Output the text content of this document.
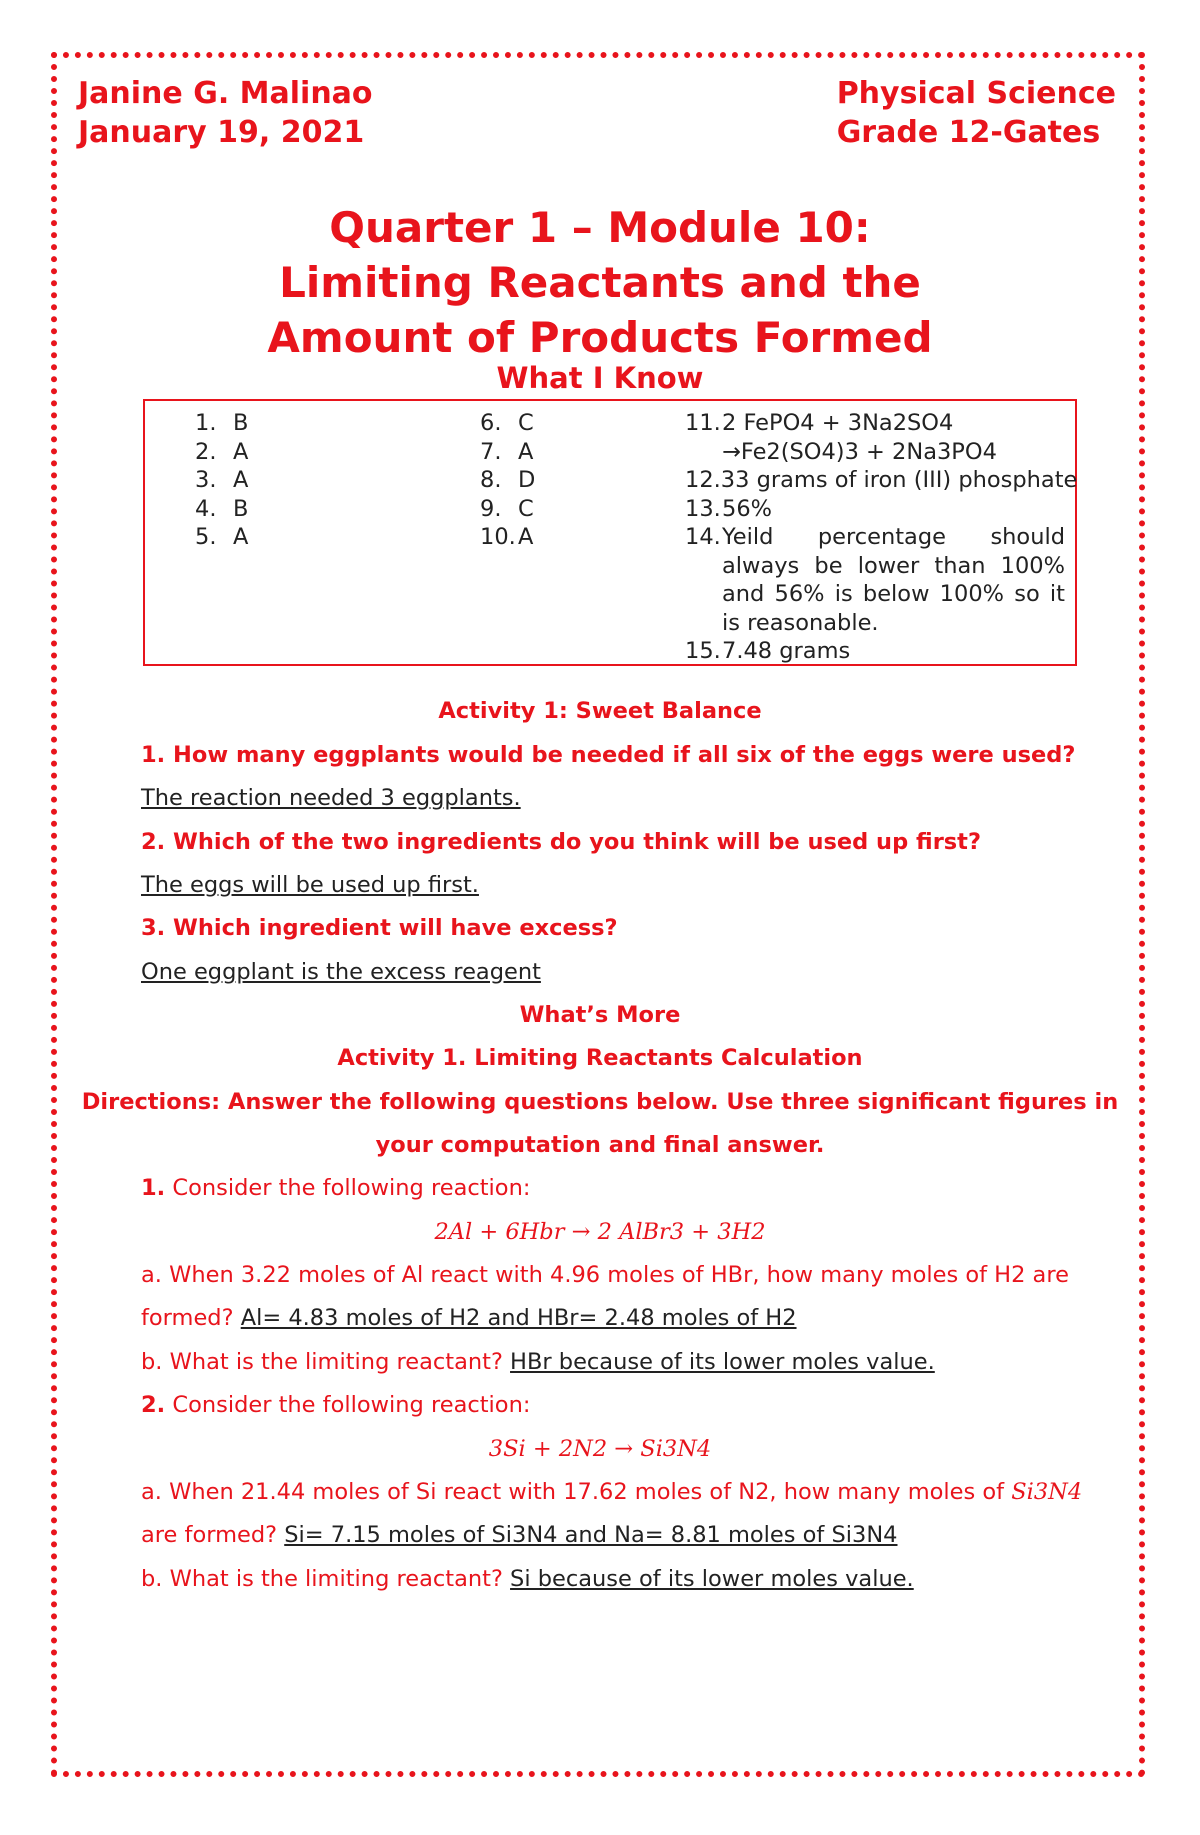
Janine G. Malinao
January 19, 2021
Physical Science
Grade 12-Gates
Quarter 1 – Module 10:
Limiting Reactants and the
Amount of Products Formed
What I Know
1. B
2. A
3. A
4. B
5. A
6. C
7. A
8. D
9. C
10.A
11. 2 FePO4 + 3Na2SO4
→Fe2(SO4)3 + 2Na3PO4
12. 33 grams of iron (III) phosphate
13. 56%
14. Yeild percentage should always be lower than 100% and 56% is below 100% so it is reasonable.
15. 7.48 grams
Activity 1: Sweet Balance
1. How many eggplants would be needed if all six of the eggs were used?
The reaction needed 3 eggplants.
2. Which of the two ingredients do you think will be used up first?
The eggs will be used up first.
3. Which ingredient will have excess?
One eggplant is the excess reagent
What’s More
Activity 1. Limiting Reactants Calculation
Directions: Answer the following questions below. Use three significant figures in
your computation and final answer.
1. Consider the following reaction:
2Al + 6Hbr → 2 AlBr3 + 3H2
a. When 3.22 moles of Al react with 4.96 moles of HBr, how many moles of H2 are
formed? Al= 4.83 moles of H2 and HBr= 2.48 moles of H2
b. What is the limiting reactant? HBr because of its lower moles value.
2. Consider the following reaction:
3Si + 2N2 → Si3N4
a. When 21.44 moles of Si react with 17.62 moles of N2, how many moles of Si3N4
are formed? Si= 7.15 moles of Si3N4 and Na= 8.81 moles of Si3N4
b. What is the limiting reactant? Si because of its lower moles value.
